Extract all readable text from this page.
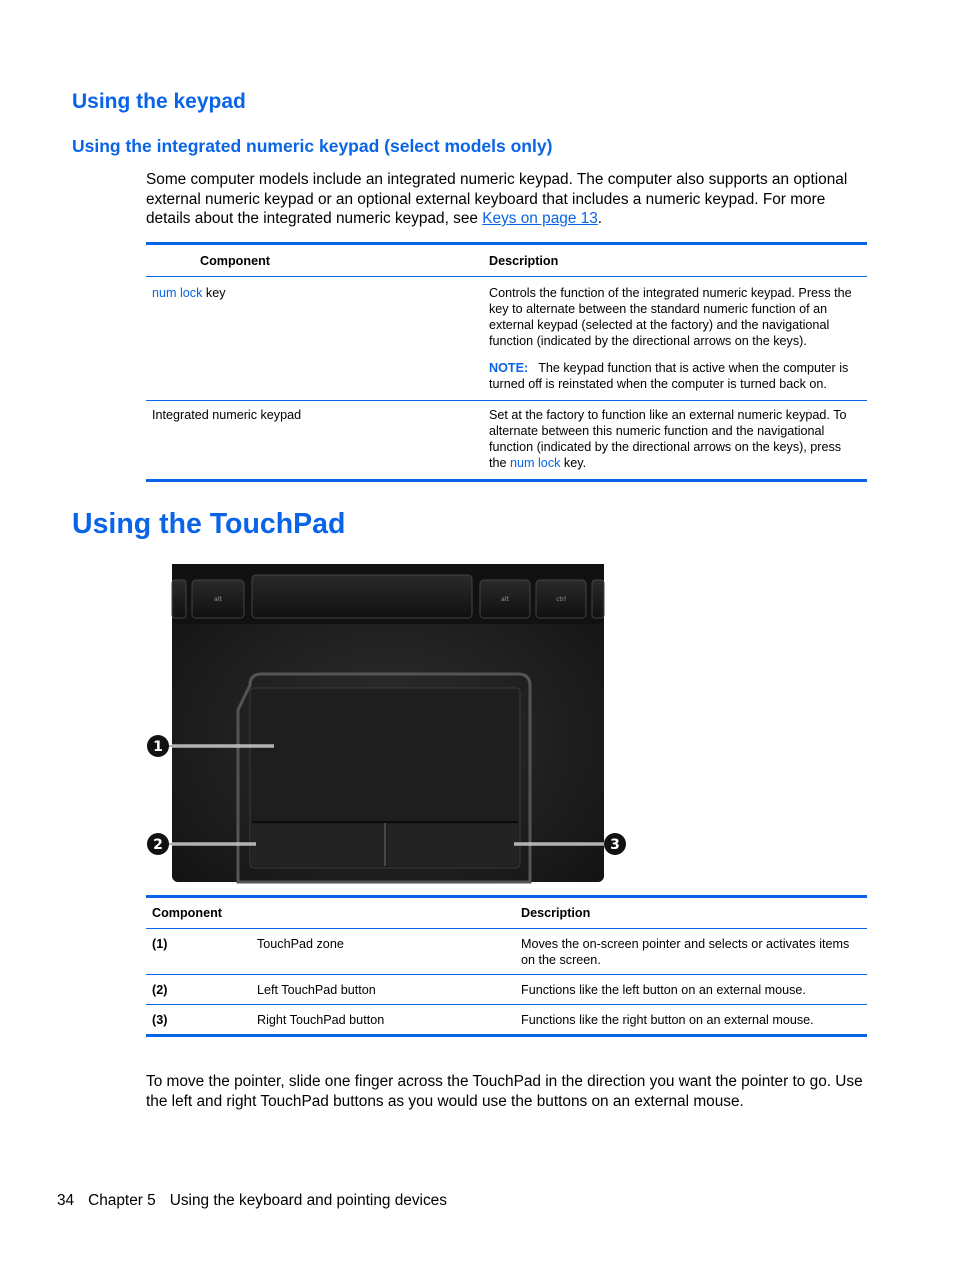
Using the keypad
Using the integrated numeric keypad (select models only)

Some computer models include an integrated numeric keypad. The computer also supports an optional external numeric keypad or an optional external keyboard that includes a numeric keypad. For more details about the integrated numeric keypad, see Keys on page 13.

Component	Description
num lock key	Controls the function of the integrated numeric keypad. Press the key to alternate between the standard numeric function of an external keypad (selected at the factory) and the navigational function (indicated by the directional arrows on the keys).
NOTE: The keypad function that is active when the computer is turned off is reinstated when the computer is turned back on.

Integrated numeric keypad	Set at the factory to function like an external numeric keypad. To alternate between this numeric function and the navigational function (indicated by the directional arrows on the keys), press the num lock key.
Using the TouchPad
alt	alt	ctrl
1
2	3
Component		Description
(1)	TouchPad zone	Moves the on-screen pointer and selects or activates items on the screen.
(2)	Left TouchPad button	Functions like the left button on an external mouse.
(3)	Right TouchPad button	Functions like the right button on an external mouse.

To move the pointer, slide one finger across the TouchPad in the direction you want the pointer to go. Use the left and right TouchPad buttons as you would use the buttons on an external mouse.

34 Chapter 5 Using the keyboard and pointing devices
